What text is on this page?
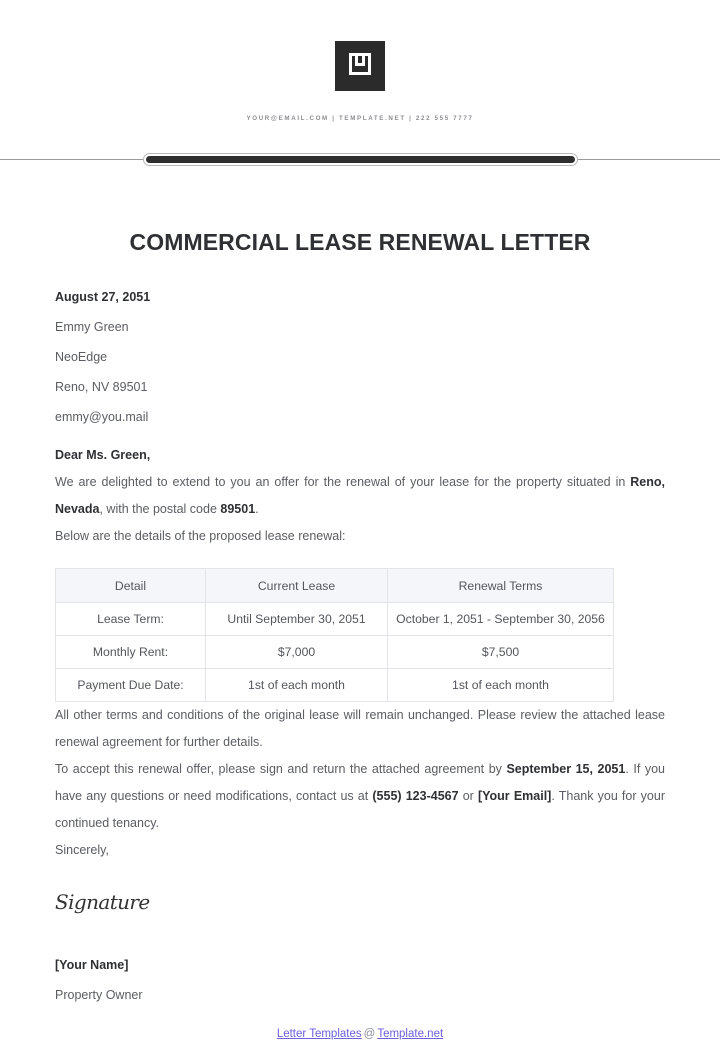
YOUR@EMAIL.COM | TEMPLATE.NET | 222 555 7777
COMMERCIAL LEASE RENEWAL LETTER
August 27, 2051
Emmy Green
NeoEdge
Reno, NV 89501
emmy@you.mail
Dear Ms. Green,

We are delighted to extend to you an offer for the renewal of your lease for the property situated in Reno, Nevada, with the postal code 89501.

Below are the details of the proposed lease renewal:

Detail	Current Lease	Renewal Terms
Lease Term:	Until September 30, 2051	October 1, 2051 - September 30, 2056
Monthly Rent:	$7,000	$7,500
Payment Due Date:	1st of each month	1st of each month

All other terms and conditions of the original lease will remain unchanged. Please review the attached lease renewal agreement for further details.

To accept this renewal offer, please sign and return the attached agreement by September 15, 2051. If you have any questions or need modifications, contact us at (555) 123-4567 or [Your Email]. Thank you for your continued tenancy.

Sincerely,

Signature
[Your Name]
Property Owner
Letter Templates @ Template.net
